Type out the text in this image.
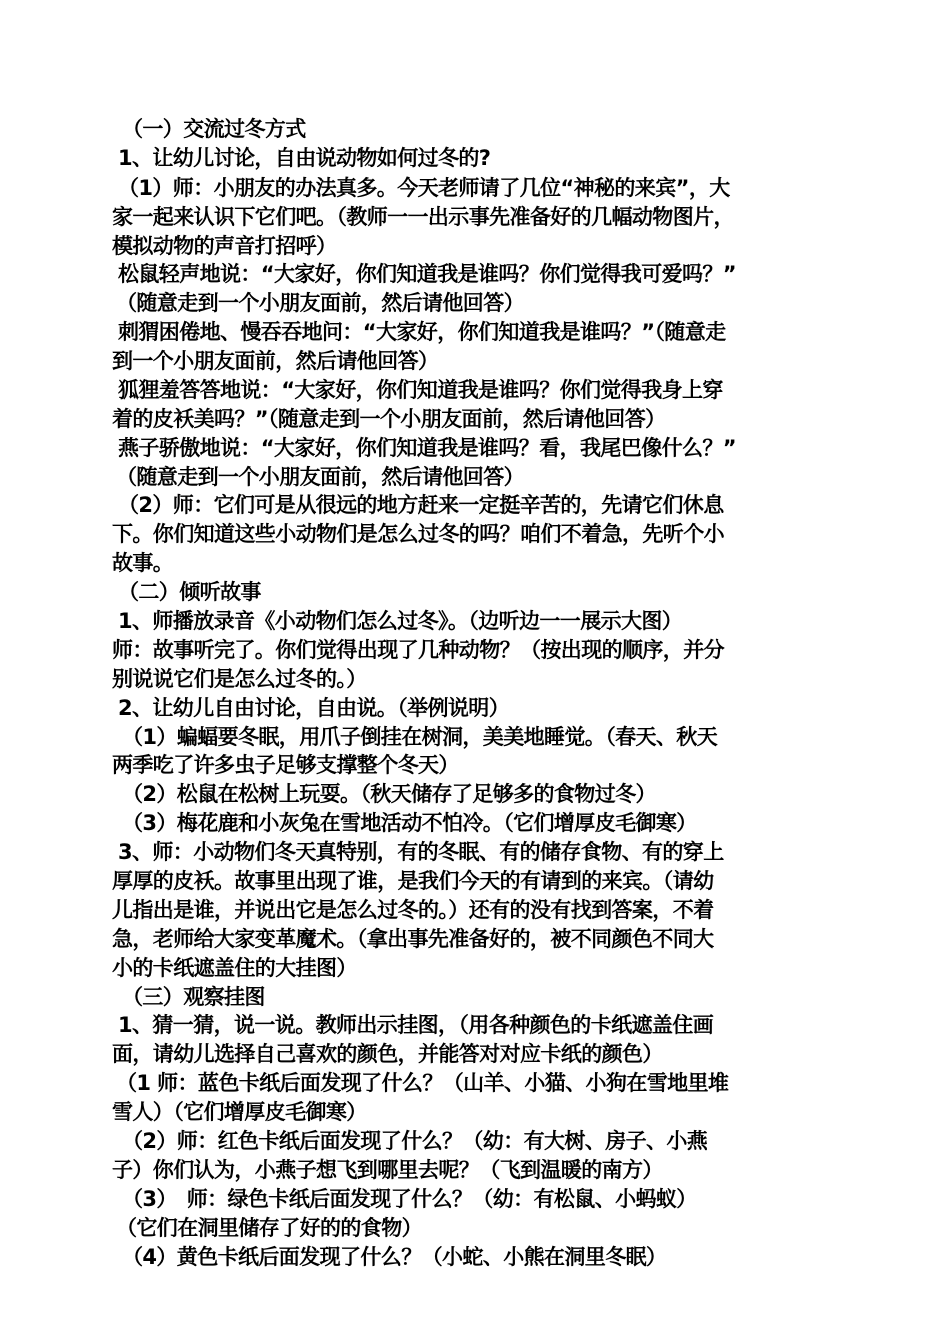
（一）交流过冬方式
1、让幼儿讨论，自由说动物如何过冬的?
（1）师：小朋友的办法真多。今天老师请了几位“神秘的来宾”，大
家一起来认识下它们吧。（教师一一出示事先准备好的几幅动物图片，
模拟动物的声音打招呼）
松鼠轻声地说：“大家好，你们知道我是谁吗？你们觉得我可爱吗？”
（随意走到一个小朋友面前，然后请他回答）
刺猬困倦地、慢吞吞地问：“大家好，你们知道我是谁吗？”（随意走
到一个小朋友面前，然后请他回答）
狐狸羞答答地说：“大家好，你们知道我是谁吗？你们觉得我身上穿
着的皮袄美吗？”（随意走到一个小朋友面前，然后请他回答）
燕子骄傲地说：“大家好，你们知道我是谁吗？看，我尾巴像什么？”
（随意走到一个小朋友面前，然后请他回答）
（2）师：它们可是从很远的地方赶来一定挺辛苦的，先请它们休息
下。你们知道这些小动物们是怎么过冬的吗？咱们不着急，先听个小
故事。
（二）倾听故事
1、师播放录音《小动物们怎么过冬》。（边听边一一展示大图）
师：故事听完了。你们觉得出现了几种动物？（按出现的顺序，并分
别说说它们是怎么过冬的。）
2、让幼儿自由讨论，自由说。（举例说明）
（1）蝙蝠要冬眠，用爪子倒挂在树洞，美美地睡觉。（春天、秋天
两季吃了许多虫子足够支撑整个冬天）
（2）松鼠在松树上玩耍。（秋天储存了足够多的食物过冬）
（3）梅花鹿和小灰兔在雪地活动不怕冷。（它们增厚皮毛御寒）
3、师：小动物们冬天真特别，有的冬眠、有的储存食物、有的穿上
厚厚的皮袄。故事里出现了谁，是我们今天的有请到的来宾。（请幼
儿指出是谁，并说出它是怎么过冬的。）还有的没有找到答案，不着
急，老师给大家变革魔术。（拿出事先准备好的，被不同颜色不同大
小的卡纸遮盖住的大挂图）
（三）观察挂图
1、猜一猜，说一说。教师出示挂图，（用各种颜色的卡纸遮盖住画
面，请幼儿选择自己喜欢的颜色，并能答对对应卡纸的颜色）
（1 师：蓝色卡纸后面发现了什么？（山羊、小猫、小狗在雪地里堆
雪人）（它们增厚皮毛御寒）
（2）师：红色卡纸后面发现了什么？（幼：有大树、房子、小燕
子）你们认为，小燕子想飞到哪里去呢？（飞到温暖的南方）
（3）　师：绿色卡纸后面发现了什么？（幼：有松鼠、小蚂蚁）
（它们在洞里储存了好的的食物）
（4）黄色卡纸后面发现了什么？（小蛇、小熊在洞里冬眠）
